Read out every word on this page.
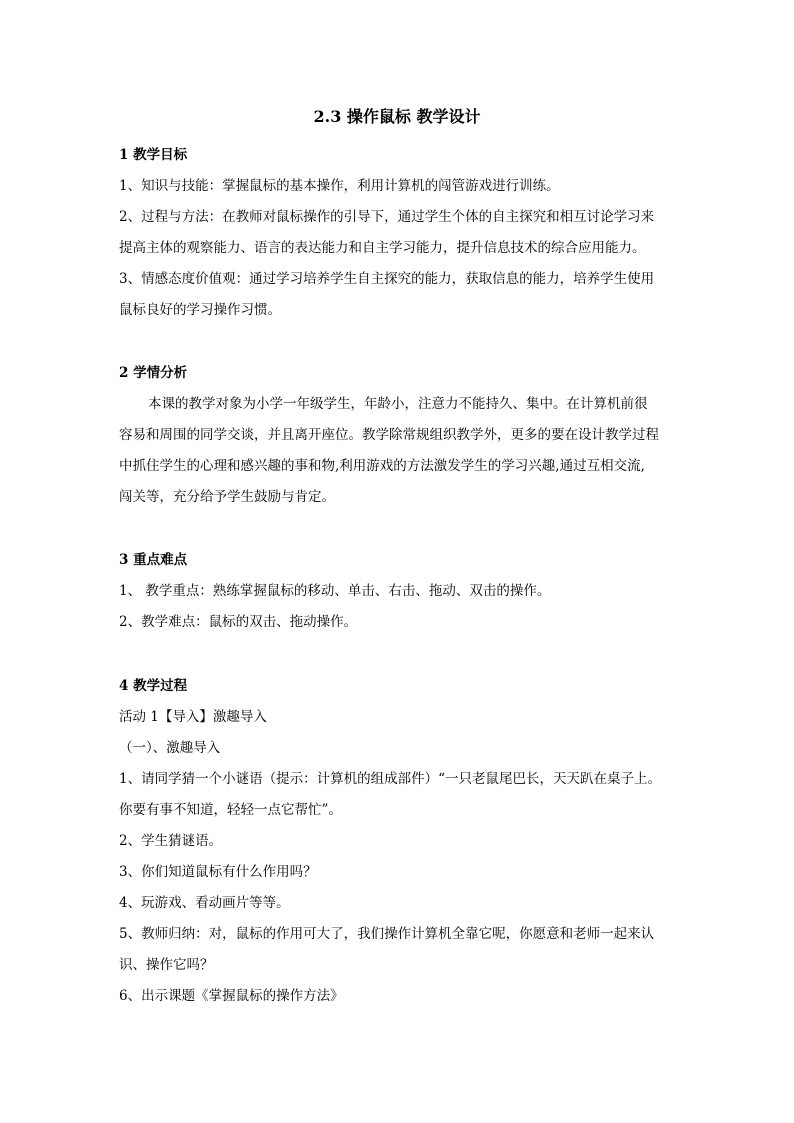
2.3 操作鼠标 教学设计
1 教学目标
1、知识与技能：掌握鼠标的基本操作，利用计算机的闯管游戏进行训练。
2、过程与方法：在教师对鼠标操作的引导下，通过学生个体的自主探究和相互讨论学习来
提高主体的观察能力、语言的表达能力和自主学习能力，提升信息技术的综合应用能力。
3、情感态度价值观：通过学习培养学生自主探究的能力，获取信息的能力，培养学生使用
鼠标良好的学习操作习惯。
2 学情分析
本课的教学对象为小学一年级学生，年龄小，注意力不能持久、集中。在计算机前很
容易和周围的同学交谈，并且离开座位。教学除常规组织教学外，更多的要在设计教学过程
中抓住学生的心理和感兴趣的事和物,利用游戏的方法激发学生的学习兴趣,通过互相交流,
闯关等，充分给予学生鼓励与肯定。
3 重点难点
1、 教学重点：熟练掌握鼠标的移动、单击、右击、拖动、双击的操作。
2、教学难点：鼠标的双击、拖动操作。
4 教学过程
活动 1【导入】激趣导入
（一）、激趣导入
1、请同学猜一个小谜语（提示：计算机的组成部件）“一只老鼠尾巴长，天天趴在桌子上。
你要有事不知道，轻轻一点它帮忙”。
2、学生猜谜语。
3、你们知道鼠标有什么作用吗？
4、玩游戏、看动画片等等。
5、教师归纳：对，鼠标的作用可大了，我们操作计算机全靠它呢，你愿意和老师一起来认
识、操作它吗？
6、出示课题《掌握鼠标的操作方法》
